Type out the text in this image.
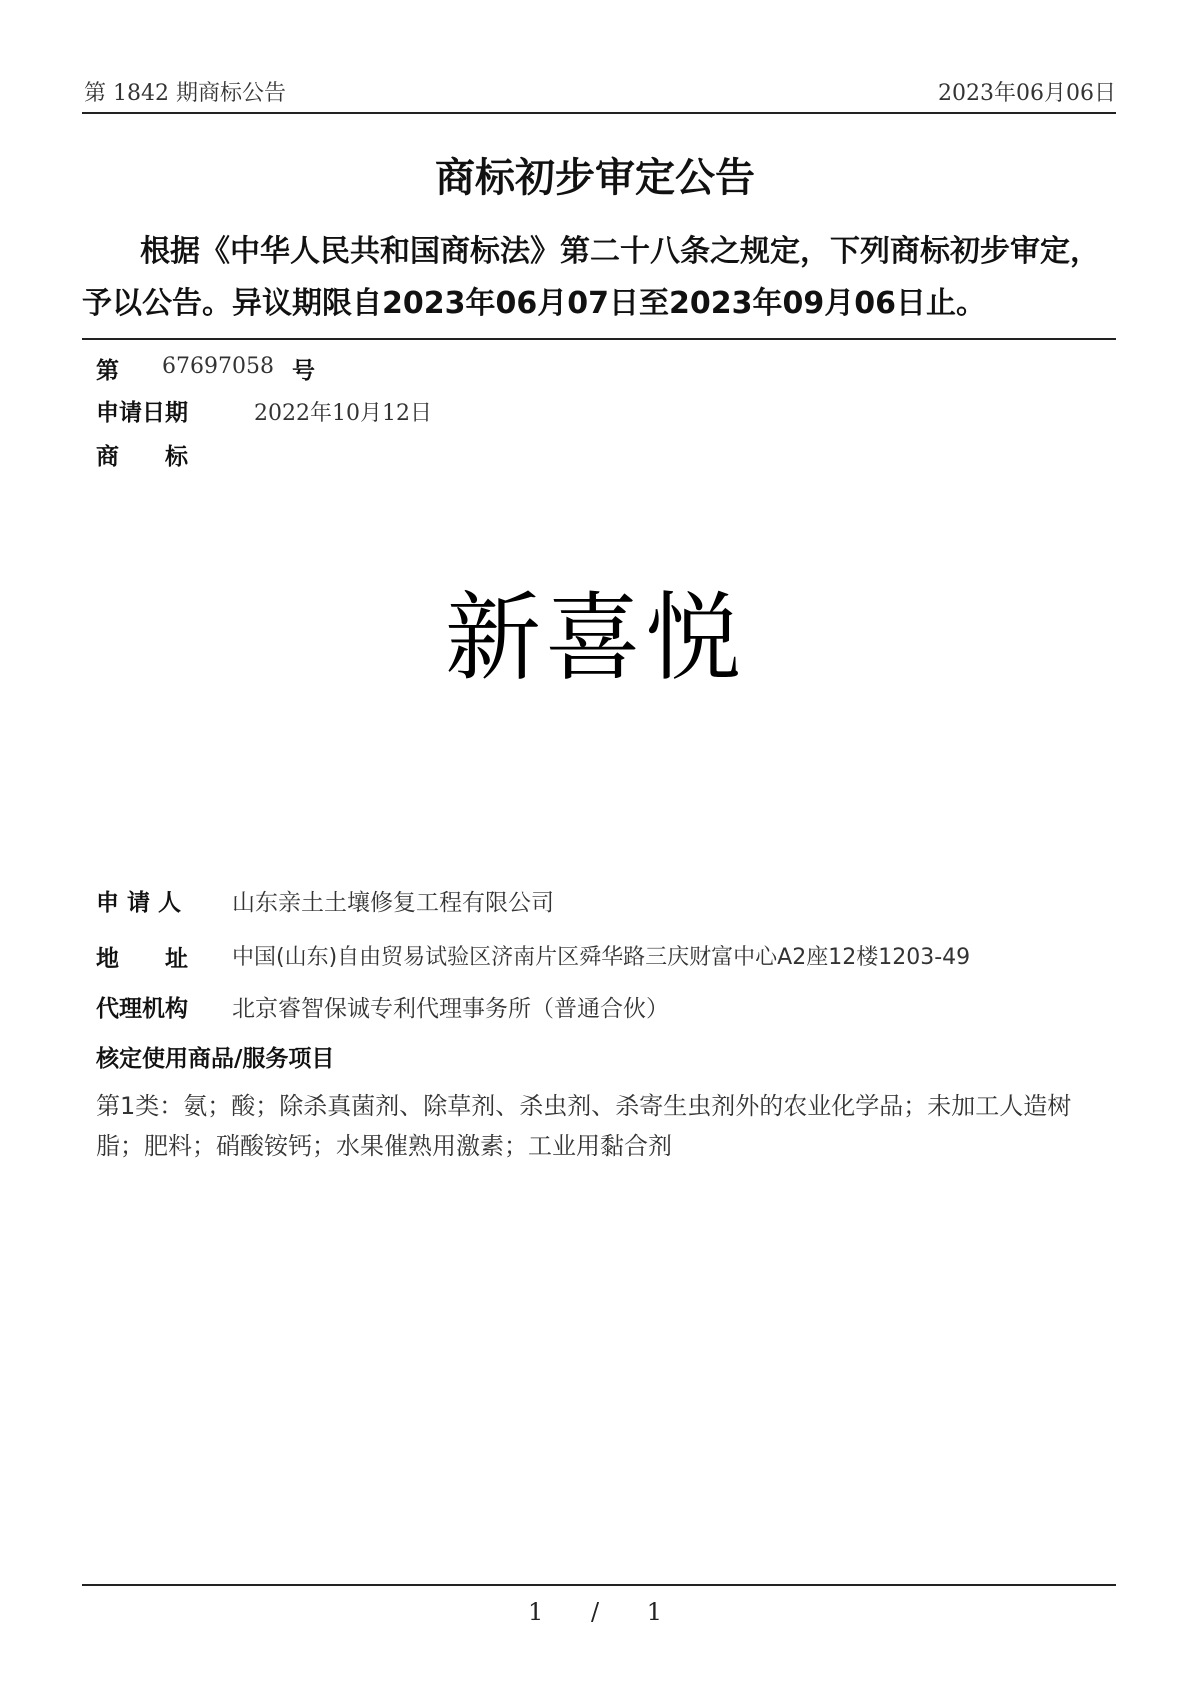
第 1842 期商标公告	2023年06月06日
商标初步审定公告
根据《中华人民共和国商标法》第二十八条之规定，下列商标初步审定，予以公告。异议期限自2023年06月07日至2023年09月06日止。
第 67697058 号
申请日期	2022年10月12日
商　　标
新喜悦
申 请 人 山东亲土土壤修复工程有限公司
地　　址 中国(山东)自由贸易试验区济南片区舜华路三庆财富中心A2座12楼1203-49
代理机构 北京睿智保诚专利代理事务所（普通合伙）
核定使用商品/服务项目
第1类：氨；酸；除杀真菌剂、除草剂、杀虫剂、杀寄生虫剂外的农业化学品；未加工人造树脂；肥料；硝酸铵钙；水果催熟用激素；工业用黏合剂
1 / 1
